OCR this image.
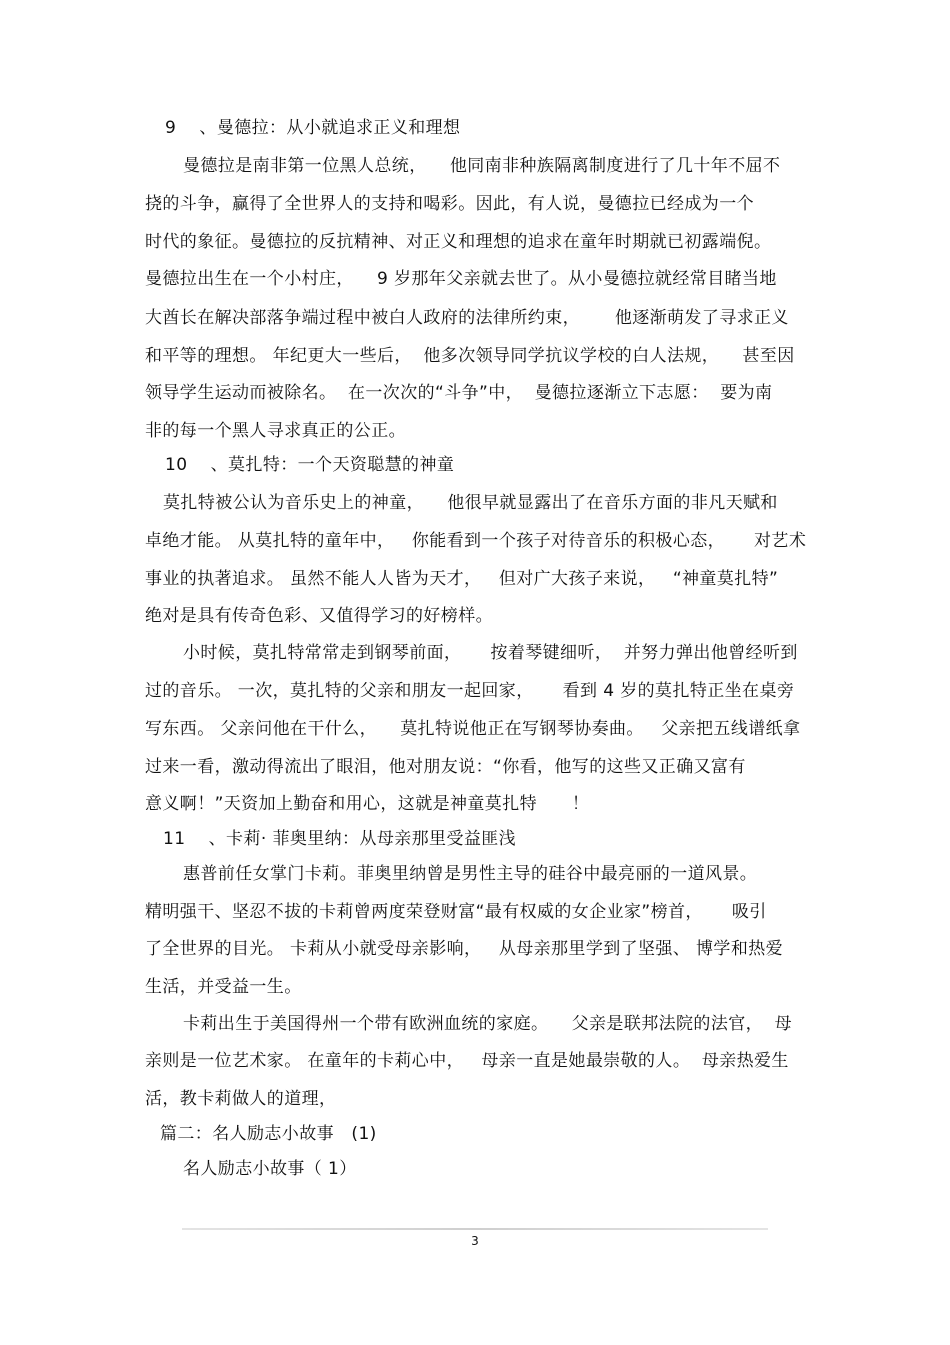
9    、曼德拉：从小就追求正义和理想
曼德拉是南非第一位黑人总统，    他同南非种族隔离制度进行了几十年不屈不
挠的斗争，赢得了全世界人的支持和喝彩。因此，有人说，曼德拉已经成为一个
时代的象征。曼德拉的反抗精神、对正义和理想的追求在童年时期就已初露端倪。
曼德拉出生在一个小村庄，    9 岁那年父亲就去世了。从小曼德拉就经常目睹当地
大酋长在解决部落争端过程中被白人政府的法律所约束，      他逐渐萌发了寻求正义
和平等的理想。 年纪更大一些后，  他多次领导同学抗议学校的白人法规，    甚至因
领导学生运动而被除名。  在一次次的“斗争”中，  曼德拉逐渐立下志愿：  要为南
非的每一个黑人寻求真正的公正。
10    、莫扎特：一个天资聪慧的神童
莫扎特被公认为音乐史上的神童，    他很早就显露出了在音乐方面的非凡天赋和
卓绝才能。 从莫扎特的童年中，   你能看到一个孩子对待音乐的积极心态，     对艺术
事业的执著追求。 虽然不能人人皆为天才，   但对广大孩子来说，   “神童莫扎特”
绝对是具有传奇色彩、又值得学习的好榜样。
小时候，莫扎特常常走到钢琴前面，     按着琴键细听，  并努力弹出他曾经听到
过的音乐。 一次，莫扎特的父亲和朋友一起回家，     看到 4 岁的莫扎特正坐在桌旁
写东西。 父亲问他在干什么，    莫扎特说他正在写钢琴协奏曲。   父亲把五线谱纸拿
过来一看，激动得流出了眼泪，他对朋友说：“你看，他写的这些又正确又富有
意义啊！”天资加上勤奋和用心，这就是神童莫扎特      ！
11    、卡莉· 菲奥里纳：从母亲那里受益匪浅
惠普前任女掌门卡莉。菲奥里纳曾是男性主导的硅谷中最亮丽的一道风景。
精明强干、坚忍不拔的卡莉曾两度荣登财富“最有权威的女企业家”榜首，     吸引
了全世界的目光。 卡莉从小就受母亲影响，   从母亲那里学到了坚强、 博学和热爱
生活，并受益一生。
卡莉出生于美国得州一个带有欧洲血统的家庭。    父亲是联邦法院的法官，  母
亲则是一位艺术家。 在童年的卡莉心中，   母亲一直是她最崇敬的人。  母亲热爱生
活，教卡莉做人的道理，
篇二：名人励志小故事   (1)
名人励志小故事（ 1）
3
